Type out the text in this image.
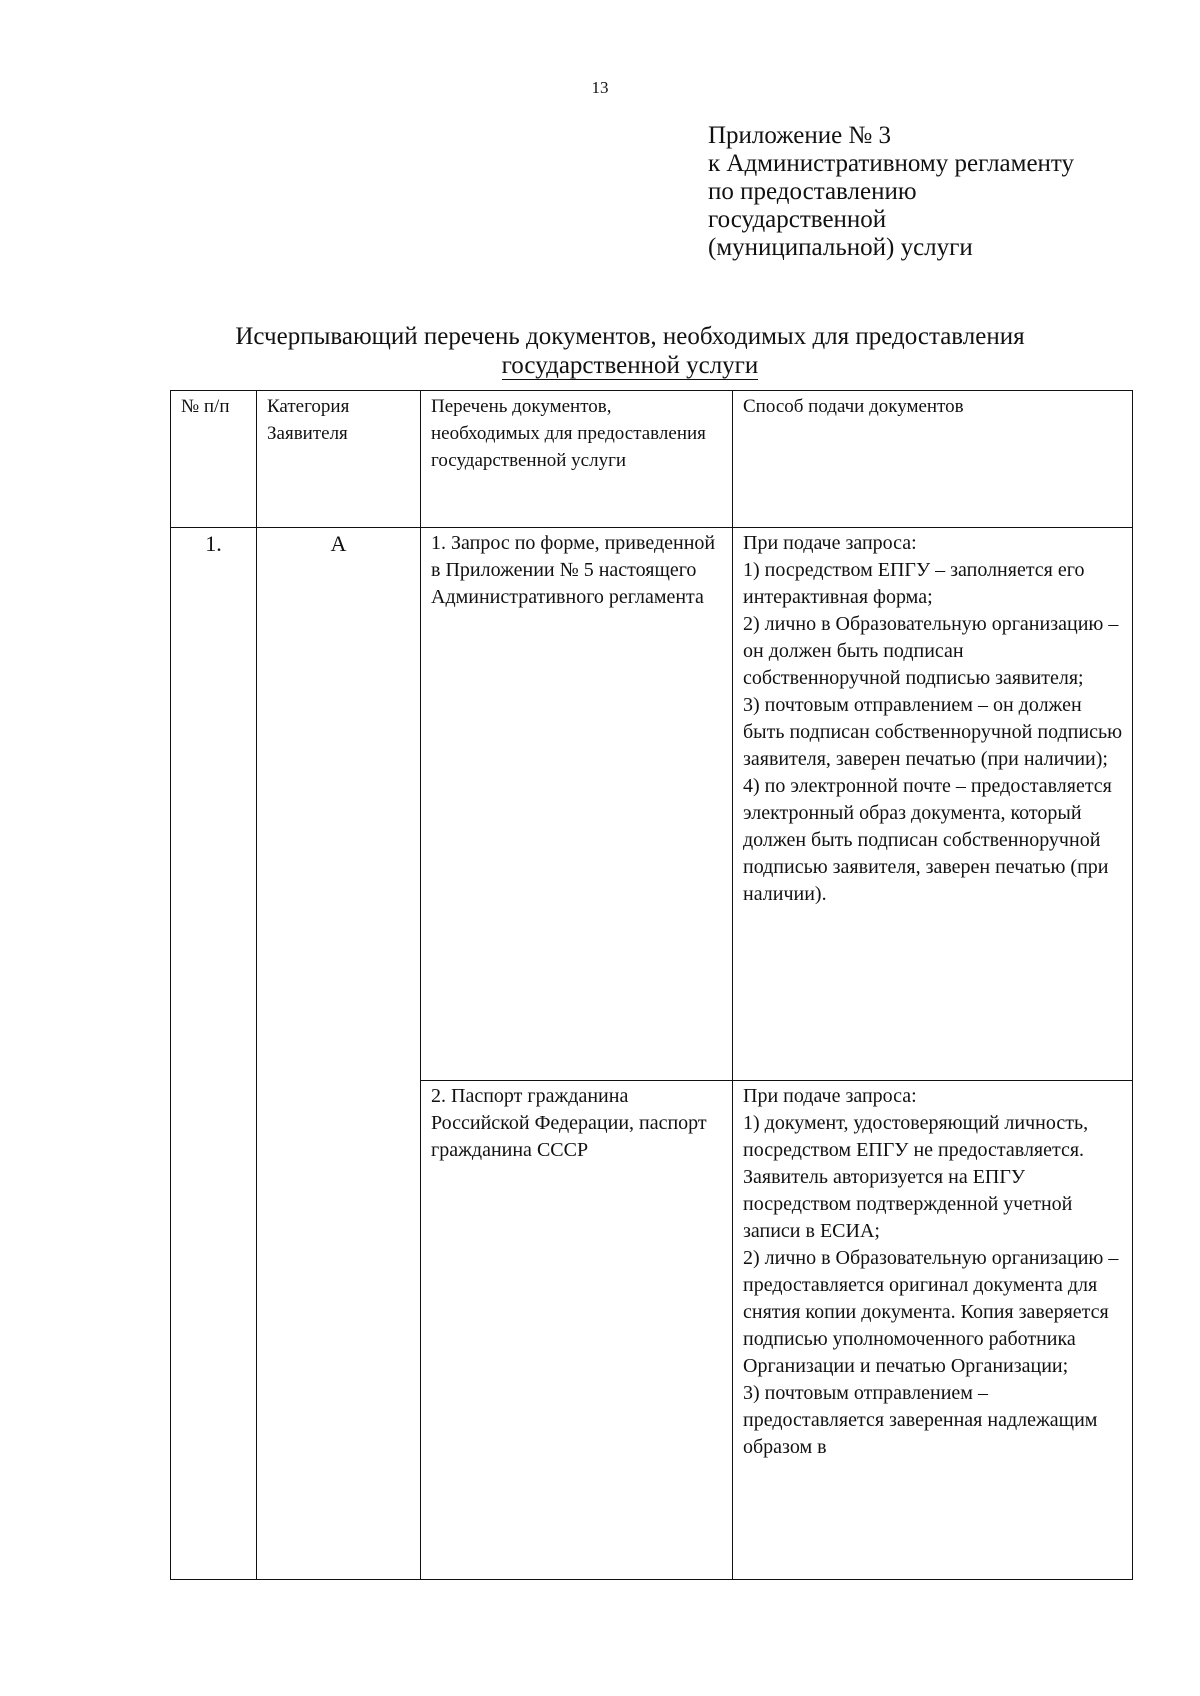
13
Приложение № 3
к Административному регламенту
по предоставлению
государственной
(муниципальной) услуги
Исчерпывающий перечень документов, необходимых для предоставления
государственной услуги
№ п/п	Категория Заявителя	Перечень документов, необходимых для предоставления государственной услуги	Способ подачи документов
1.	А	1. Запрос по форме, приведенной в Приложении № 5 настоящего Административного регламента	При подаче запроса:
1) посредством ЕПГУ – заполняется его интерактивная форма;
2) лично в Образовательную организацию – он должен быть подписан собственноручной подписью заявителя;
3) почтовым отправлением – он должен быть подписан собственноручной подписью заявителя, заверен печатью (при наличии);
4) по электронной почте – предоставляется электронный образ документа, который должен быть подписан собственноручной подписью заявителя, заверен печатью (при наличии).

		2. Паспорт гражданина Российской Федерации, паспорт гражданина СССР	При подаче запроса:
1) документ, удостоверяющий личность, посредством ЕПГУ не предоставляется. Заявитель авторизуется на ЕПГУ посредством подтвержденной учетной записи в ЕСИА;
2) лично в Образовательную организацию – предоставляется оригинал документа для снятия копии документа. Копия заверяется подписью уполномоченного работника Организации и печатью Организации;
3) почтовым отправлением – предоставляется заверенная надлежащим образом в
